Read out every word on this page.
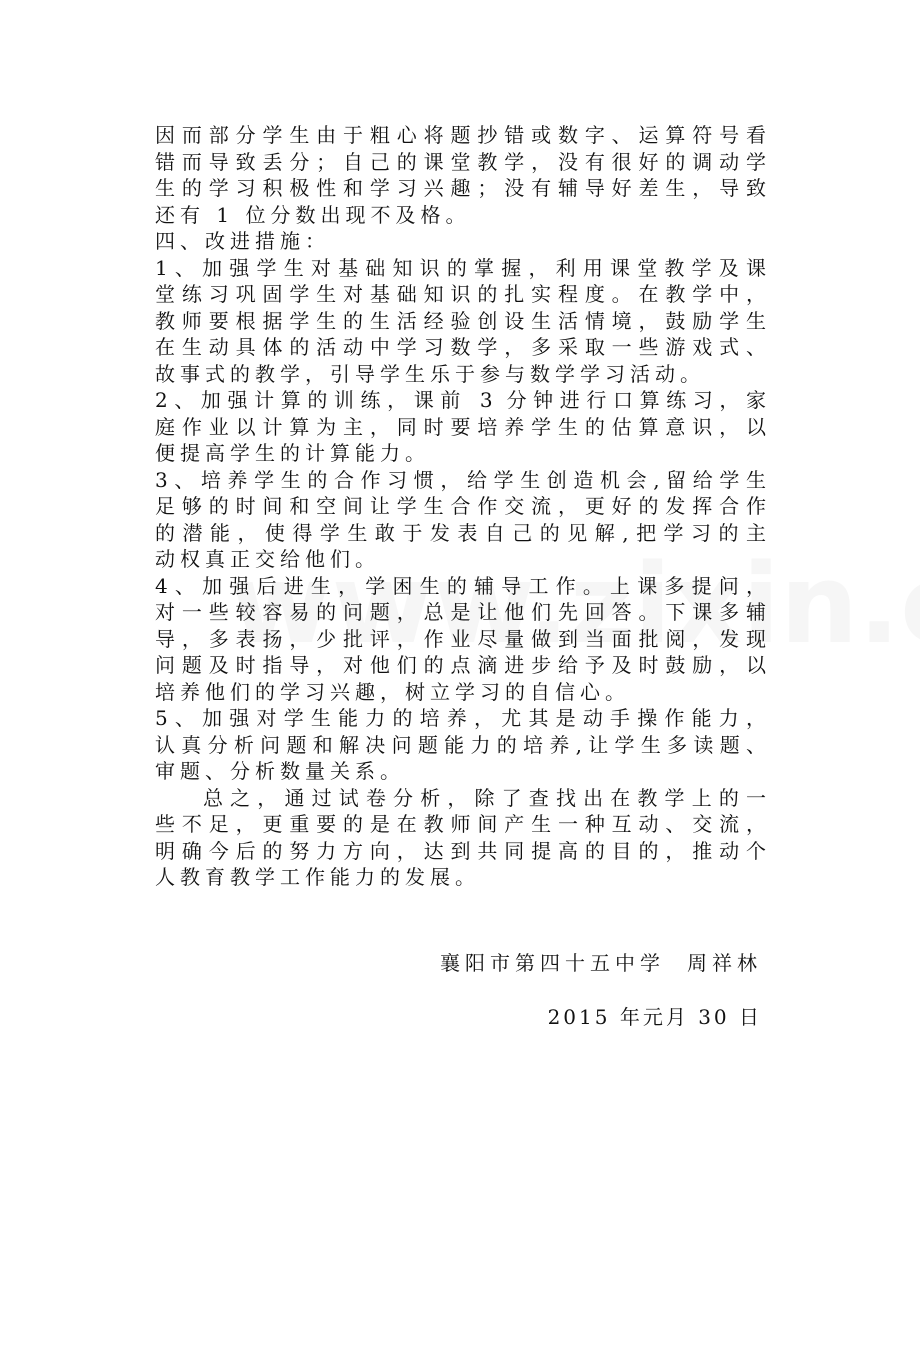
因而部分学生由于粗心将题抄错或数字、运算符号看
错而导致丢分；自己的课堂教学，没有很好的调动学
生的学习积极性和学习兴趣；没有辅导好差生，导致
还有 1 位分数出现不及格。
四、改进措施：
1、加强学生对基础知识的掌握，利用课堂教学及课
堂练习巩固学生对基础知识的扎实程度。在教学中，
教师要根据学生的生活经验创设生活情境，鼓励学生
在生动具体的活动中学习数学，多采取一些游戏式、
故事式的教学，引导学生乐于参与数学学习活动。
2、加强计算的训练，课前 3 分钟进行口算练习，家
庭作业以计算为主，同时要培养学生的估算意识，以
便提高学生的计算能力。
3、培养学生的合作习惯，给学生创造机会,留给学生
足够的时间和空间让学生合作交流，更好的发挥合作
的潜能，使得学生敢于发表自己的见解,把学习的主
动权真正交给他们。
4、加强后进生，学困生的辅导工作。上课多提问，
对一些较容易的问题，总是让他们先回答。下课多辅
导，多表扬，少批评，作业尽量做到当面批阅，发现
问题及时指导，对他们的点滴进步给予及时鼓励，以
培养他们的学习兴趣，树立学习的自信心。
5、加强对学生能力的培养，尤其是动手操作能力，
认真分析问题和解决问题能力的培养,让学生多读题、
审题、分析数量关系。
总之，通过试卷分析，除了查找出在教学上的一
些不足，更重要的是在教师间产生一种互动、交流，
明确今后的努力方向，达到共同提高的目的，推动个
人教育教学工作能力的发展。
襄阳市第四十五中学 周祥林
2015 年元月 30 日
